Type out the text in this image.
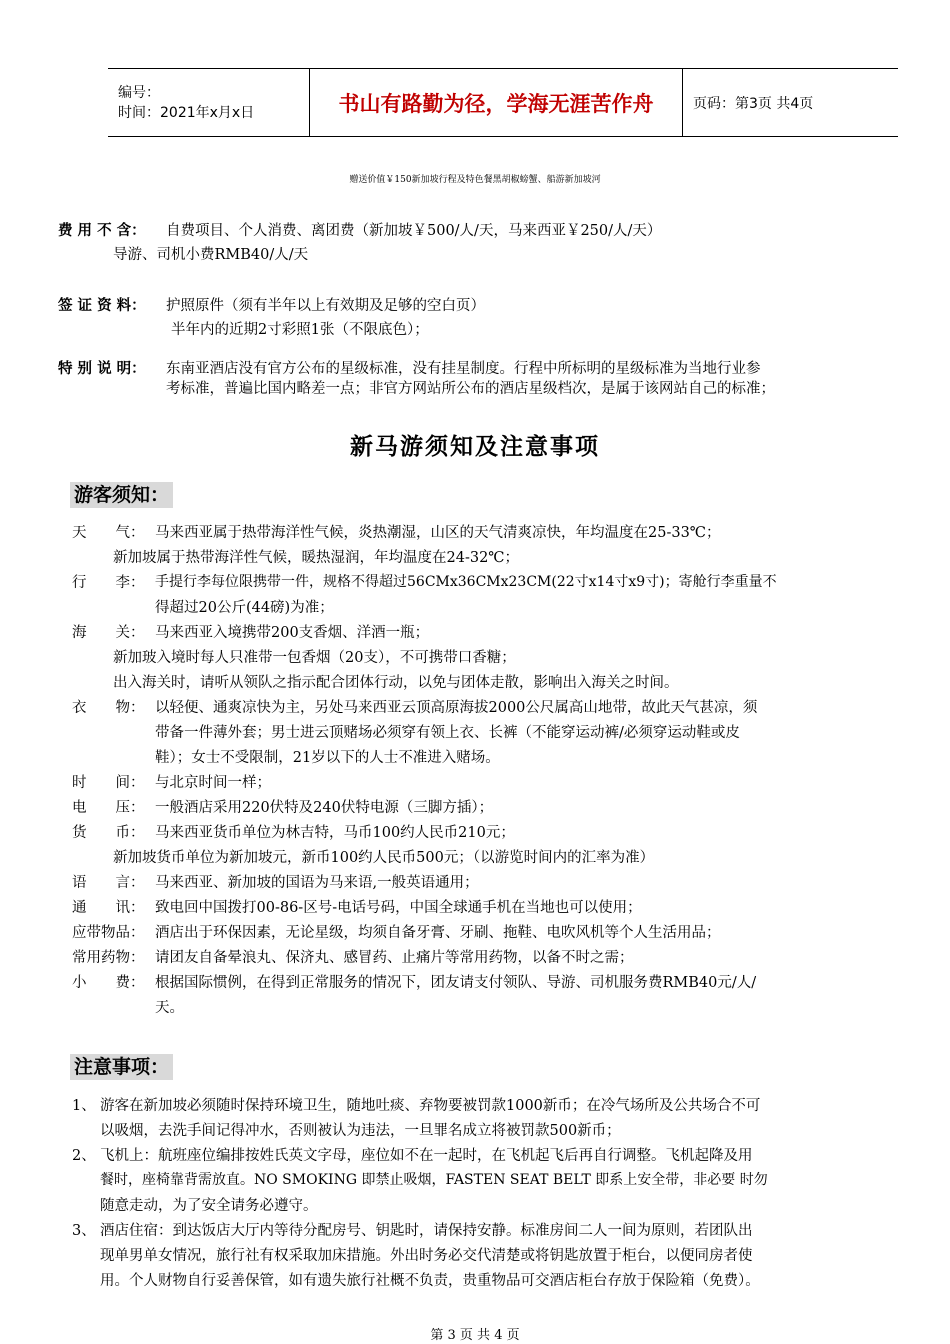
编号：
时间：2021年x月x日	书山有路勤为径，学海无涯苦作舟	页码：第3页 共4页
赠送价值￥150新加坡行程及特色餐黑胡椒螃蟹、船游新加坡河
费 用 不 含： 自费项目、个人消费、离团费（新加坡￥500/人/天，马来西亚￥250/人/天）
导游、司机小费RMB40/人/天
签 证 资 料： 护照原件（须有半年以上有效期及足够的空白页）
半年内的近期2寸彩照1张（不限底色）；
特 别 说 明： 东南亚酒店没有官方公布的星级标准，没有挂星制度。行程中所标明的星级标准为当地行业参
考标准，普遍比国内略差一点；非官方网站所公布的酒店星级档次，是属于该网站自己的标准；
新马游须知及注意事项
游客须知：
天　　气： 马来西亚属于热带海洋性气候，炎热潮湿，山区的天气清爽凉快，年均温度在25-33℃；
新加坡属于热带海洋性气候，暖热湿润，年均温度在24-32℃；
行　　李： 手提行李每位限携带一件，规格不得超过56CMx36CMx23CM(22寸x14寸x9寸)；寄舱行李重量不
得超过20公斤(44磅)为准；
海　　关： 马来西亚入境携带200支香烟、洋酒一瓶；
新加玻入境时每人只准带一包香烟（20支），不可携带口香糖；
出入海关时，请听从领队之指示配合团体行动，以免与团体走散，影响出入海关之时间。
衣　　物： 以轻便、通爽凉快为主，另处马来西亚云顶高原海拔2000公尺属高山地带，故此天气甚凉，须
带备一件薄外套；男士进云顶赌场必须穿有领上衣、长裤（不能穿运动裤/必须穿运动鞋或皮
鞋）；女士不受限制，21岁以下的人士不准进入赌场。
时　　间： 与北京时间一样；
电　　压： 一般酒店采用220伏特及240伏特电源（三脚方插）；
货　　币： 马来西亚货币单位为林吉特，马币100约人民币210元；
新加坡货币单位为新加坡元，新币100约人民币500元；（以游览时间内的汇率为准）
语　　言： 马来西亚、新加坡的国语为马来语,一般英语通用；
通　　讯： 致电回中国拨打00-86-区号-电话号码，中国全球通手机在当地也可以使用；
应带物品： 酒店出于环保因素，无论星级，均须自备牙膏、牙刷、拖鞋、电吹风机等个人生活用品；
常用药物： 请团友自备晕浪丸、保济丸、感冒药、止痛片等常用药物，以备不时之需；
小　　费： 根据国际惯例，在得到正常服务的情况下，团友请支付领队、导游、司机服务费RMB40元/人/
天。
注意事项：
1、 游客在新加坡必须随时保持环境卫生，随地吐痰、弃物要被罚款1000新币；在冷气场所及公共场合不可
以吸烟，去洗手间记得冲水，否则被认为违法，一旦罪名成立将被罚款500新币；
2、 飞机上：航班座位编排按姓氏英文字母，座位如不在一起时，在飞机起飞后再自行调整。飞机起降及用
餐时，座椅靠背需放直。NO SMOKING 即禁止吸烟，FASTEN SEAT BELT 即系上安全带，非必要 时勿
随意走动，为了安全请务必遵守。
3、 酒店住宿：到达饭店大厅内等待分配房号、钥匙时，请保持安静。标准房间二人一间为原则，若团队出
现单男单女情况，旅行社有权采取加床措施。外出时务必交代清楚或将钥匙放置于柜台，以便同房者使
用。个人财物自行妥善保管，如有遗失旅行社概不负责，贵重物品可交酒店柜台存放于保险箱（免费）。
第 3 页 共 4 页
